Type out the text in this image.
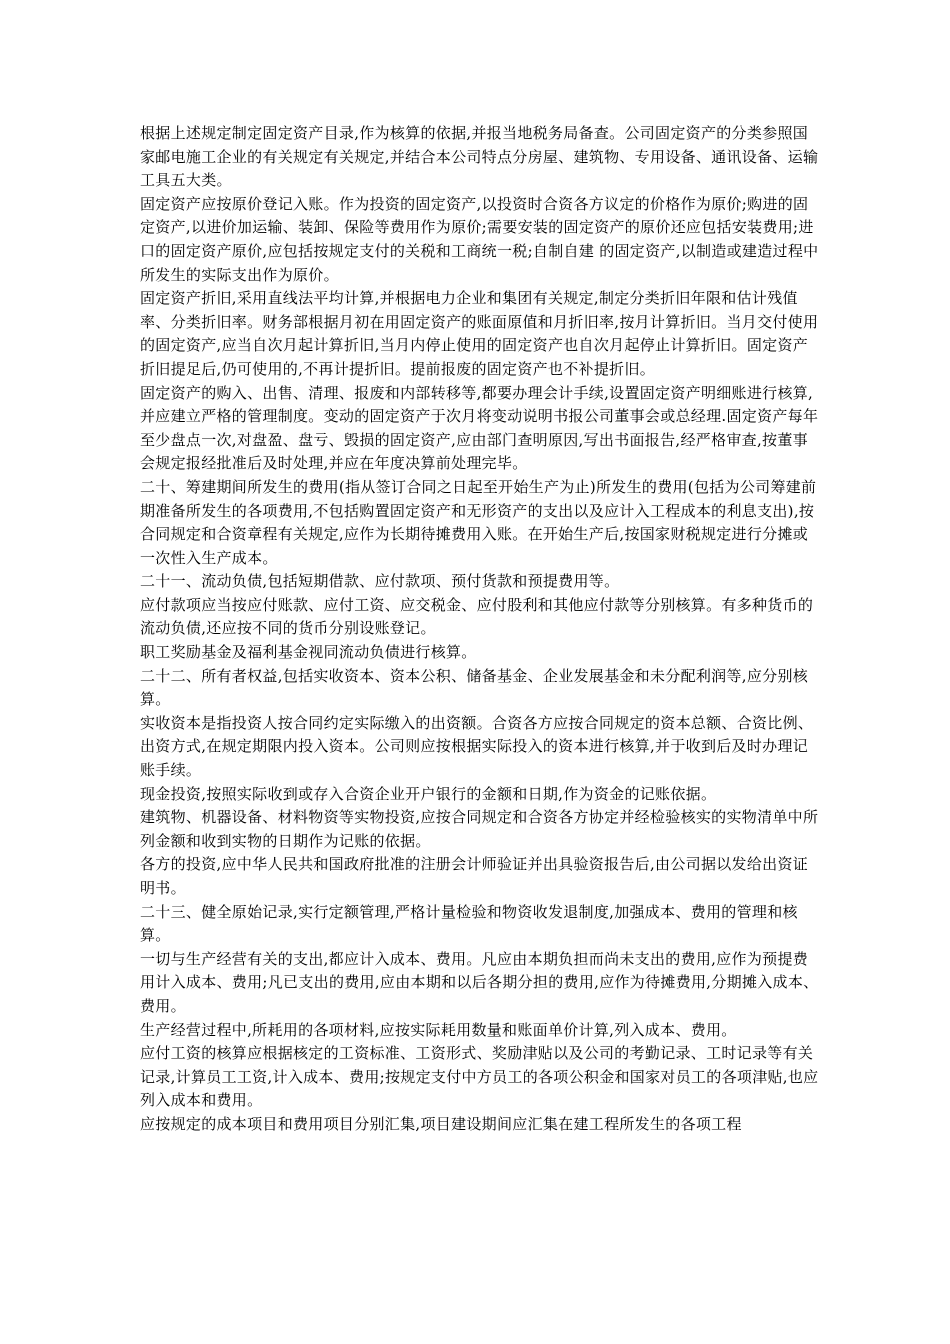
根据上述规定制定固定资产目录,作为核算的依据,并报当地税务局备查。公司固定资产的分类参照国家邮电施工企业的有关规定有关规定,并结合本公司特点分房屋、建筑物、专用设备、通讯设备、运输工具五大类。

固定资产应按原价登记入账。作为投资的固定资产,以投资时合资各方议定的价格作为原价;购进的固定资产,以进价加运输、装卸、保险等费用作为原价;需要安装的固定资产的原价还应包括安装费用;进口的固定资产原价,应包括按规定支付的关税和工商统一税;自制自建 的固定资产,以制造或建造过程中所发生的实际支出作为原价。

固定资产折旧,采用直线法平均计算,并根据电力企业和集团有关规定,制定分类折旧年限和估计残值率、分类折旧率。财务部根据月初在用固定资产的账面原值和月折旧率,按月计算折旧。当月交付使用的固定资产,应当自次月起计算折旧,当月内停止使用的固定资产也自次月起停止计算折旧。固定资产折旧提足后,仍可使用的,不再计提折旧。提前报废的固定资产也不补提折旧。

固定资产的购入、出售、清理、报废和内部转移等,都要办理会计手续,设置固定资产明细账进行核算,并应建立严格的管理制度。变动的固定资产于次月将变动说明书报公司董事会或总经理.固定资产每年至少盘点一次,对盘盈、盘亏、毁损的固定资产,应由部门查明原因,写出书面报告,经严格审查,按董事会规定报经批准后及时处理,并应在年度决算前处理完毕。

二十、筹建期间所发生的费用(指从签订合同之日起至开始生产为止)所发生的费用(包括为公司筹建前期准备所发生的各项费用,不包括购置固定资产和无形资产的支出以及应计入工程成本的利息支出),按合同规定和合资章程有关规定,应作为长期待摊费用入账。在开始生产后,按国家财税规定进行分摊或一次性入生产成本。

二十一、流动负债,包括短期借款、应付款项、预付货款和预提费用等。

应付款项应当按应付账款、应付工资、应交税金、应付股利和其他应付款等分别核算。有多种货币的流动负债,还应按不同的货币分别设账登记。

职工奖励基金及福利基金视同流动负债进行核算。

二十二、所有者权益,包括实收资本、资本公积、储备基金、企业发展基金和未分配利润等,应分别核算。

实收资本是指投资人按合同约定实际缴入的出资额。合资各方应按合同规定的资本总额、合资比例、出资方式,在规定期限内投入资本。公司则应按根据实际投入的资本进行核算,并于收到后及时办理记账手续。

现金投资,按照实际收到或存入合资企业开户银行的金额和日期,作为资金的记账依据。

建筑物、机器设备、材料物资等实物投资,应按合同规定和合资各方协定并经检验核实的实物清单中所列金额和收到实物的日期作为记账的依据。

各方的投资,应中华人民共和国政府批准的注册会计师验证并出具验资报告后,由公司据以发给出资证明书。

二十三、健全原始记录,实行定额管理,严格计量检验和物资收发退制度,加强成本、费用的管理和核算。

一切与生产经营有关的支出,都应计入成本、费用。凡应由本期负担而尚未支出的费用,应作为预提费用计入成本、费用;凡已支出的费用,应由本期和以后各期分担的费用,应作为待摊费用,分期摊入成本、费用。

生产经营过程中,所耗用的各项材料,应按实际耗用数量和账面单价计算,列入成本、费用。

应付工资的核算应根据核定的工资标准、工资形式、奖励津贴以及公司的考勤记录、工时记录等有关记录,计算员工工资,计入成本、费用;按规定支付中方员工的各项公积金和国家对员工的各项津贴,也应列入成本和费用。

应按规定的成本项目和费用项目分别汇集,项目建设期间应汇集在建工程所发生的各项工程
